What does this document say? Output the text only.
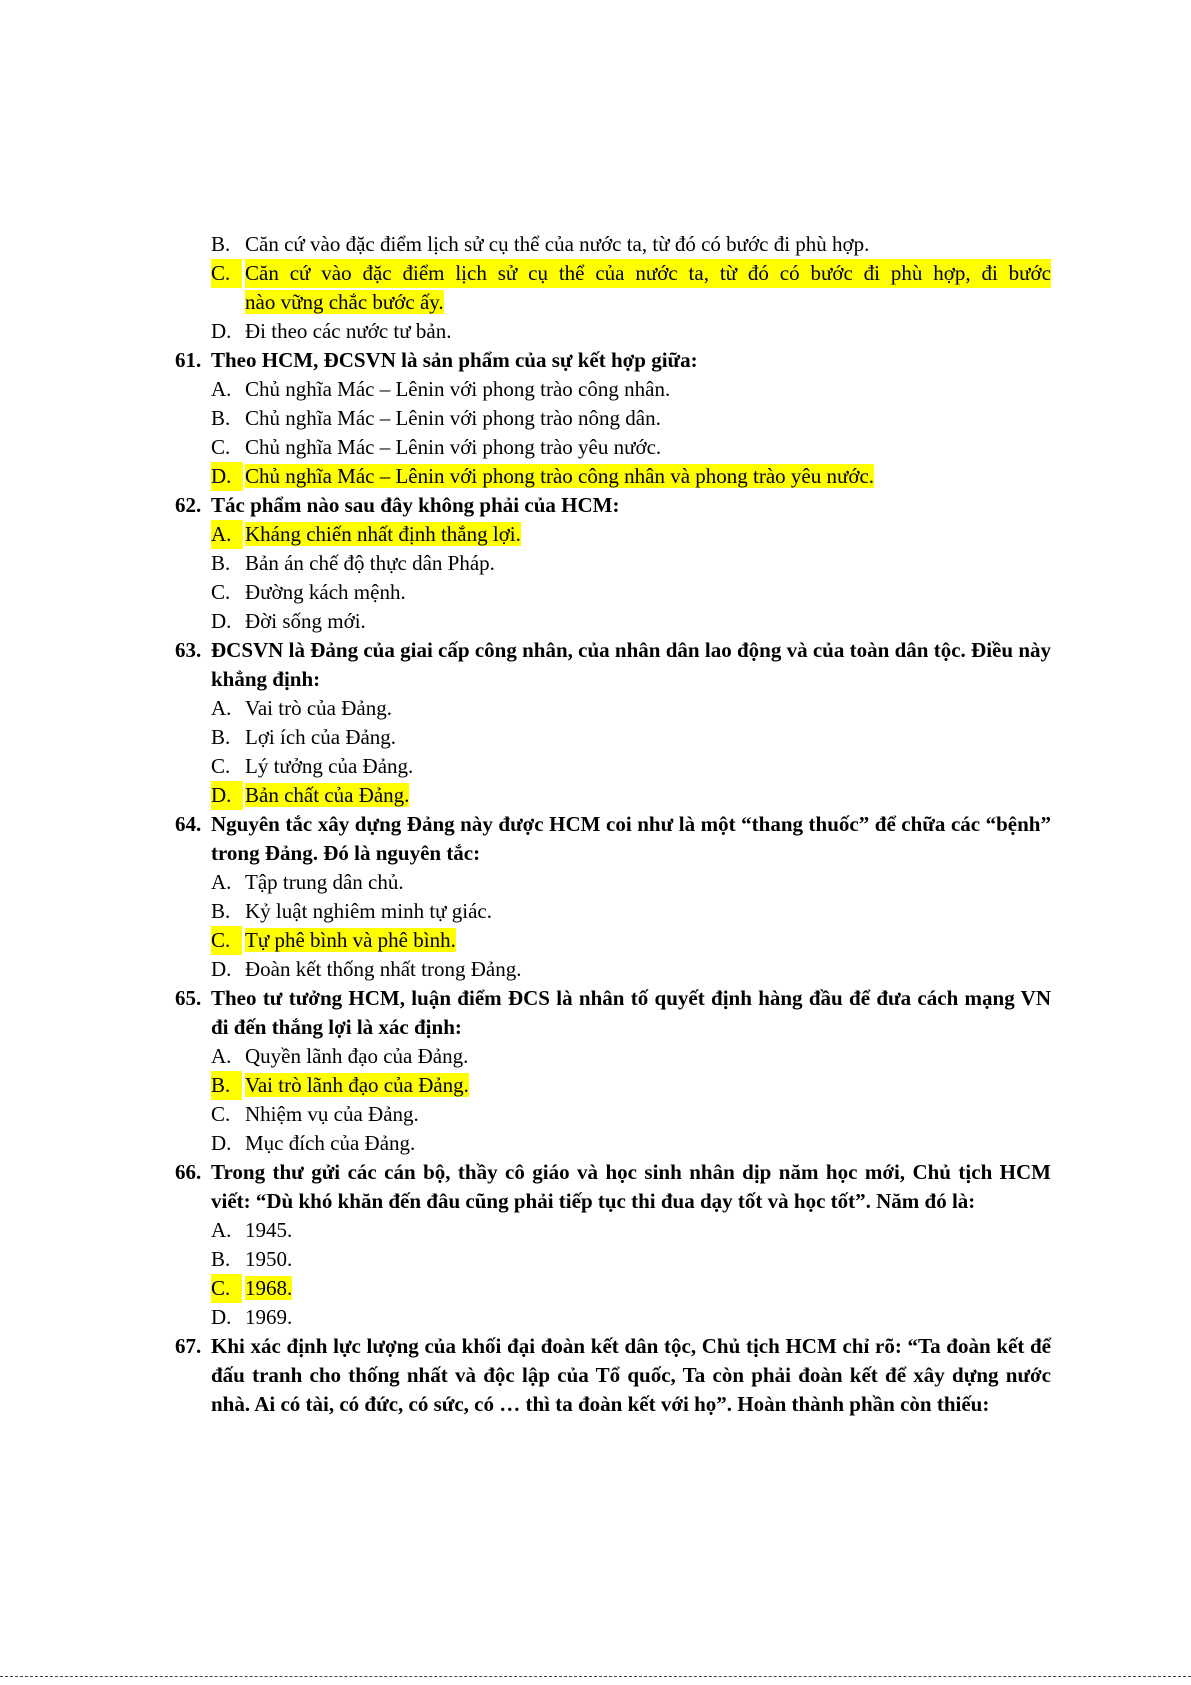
B. Căn cứ vào đặc điểm lịch sử cụ thể của nước ta, từ đó có bước đi phù hợp.
C. Căn cứ vào đặc điểm lịch sử cụ thể của nước ta, từ đó có bước đi phù hợp, đi bước
nào vững chắc bước ấy.
D. Đi theo các nước tư bản.
61. Theo HCM, ĐCSVN là sản phẩm của sự kết hợp giữa:
A. Chủ nghĩa Mác – Lênin với phong trào công nhân.
B. Chủ nghĩa Mác – Lênin với phong trào nông dân.
C. Chủ nghĩa Mác – Lênin với phong trào yêu nước.
D. Chủ nghĩa Mác – Lênin với phong trào công nhân và phong trào yêu nước.
62. Tác phẩm nào sau đây không phải của HCM:
A. Kháng chiến nhất định thắng lợi.
B. Bản án chế độ thực dân Pháp.
C. Đường kách mệnh.
D. Đời sống mới.
63. ĐCSVN là Đảng của giai cấp công nhân, của nhân dân lao động và của toàn dân tộc. Điều này khẳng định:
A. Vai trò của Đảng.
B. Lợi ích của Đảng.
C. Lý tưởng của Đảng.
D. Bản chất của Đảng.
64. Nguyên tắc xây dựng Đảng này được HCM coi như là một “thang thuốc” để chữa các “bệnh” trong Đảng. Đó là nguyên tắc:
A. Tập trung dân chủ.
B. Kỷ luật nghiêm minh tự giác.
C. Tự phê bình và phê bình.
D. Đoàn kết thống nhất trong Đảng.
65. Theo tư tưởng HCM, luận điểm ĐCS là nhân tố quyết định hàng đầu để đưa cách mạng VN đi đến thắng lợi là xác định:
A. Quyền lãnh đạo của Đảng.
B. Vai trò lãnh đạo của Đảng.
C. Nhiệm vụ của Đảng.
D. Mục đích của Đảng.
66. Trong thư gửi các cán bộ, thầy cô giáo và học sinh nhân dịp năm học mới, Chủ tịch HCM viết: “Dù khó khăn đến đâu cũng phải tiếp tục thi đua dạy tốt và học tốt”. Năm đó là:
A. 1945.
B. 1950.
C. 1968.
D. 1969.
67. Khi xác định lực lượng của khối đại đoàn kết dân tộc, Chủ tịch HCM chỉ rõ: “Ta đoàn kết để đấu tranh cho thống nhất và độc lập của Tổ quốc, Ta còn phải đoàn kết để xây dựng nước nhà. Ai có tài, có đức, có sức, có … thì ta đoàn kết với họ”. Hoàn thành phần còn thiếu:
